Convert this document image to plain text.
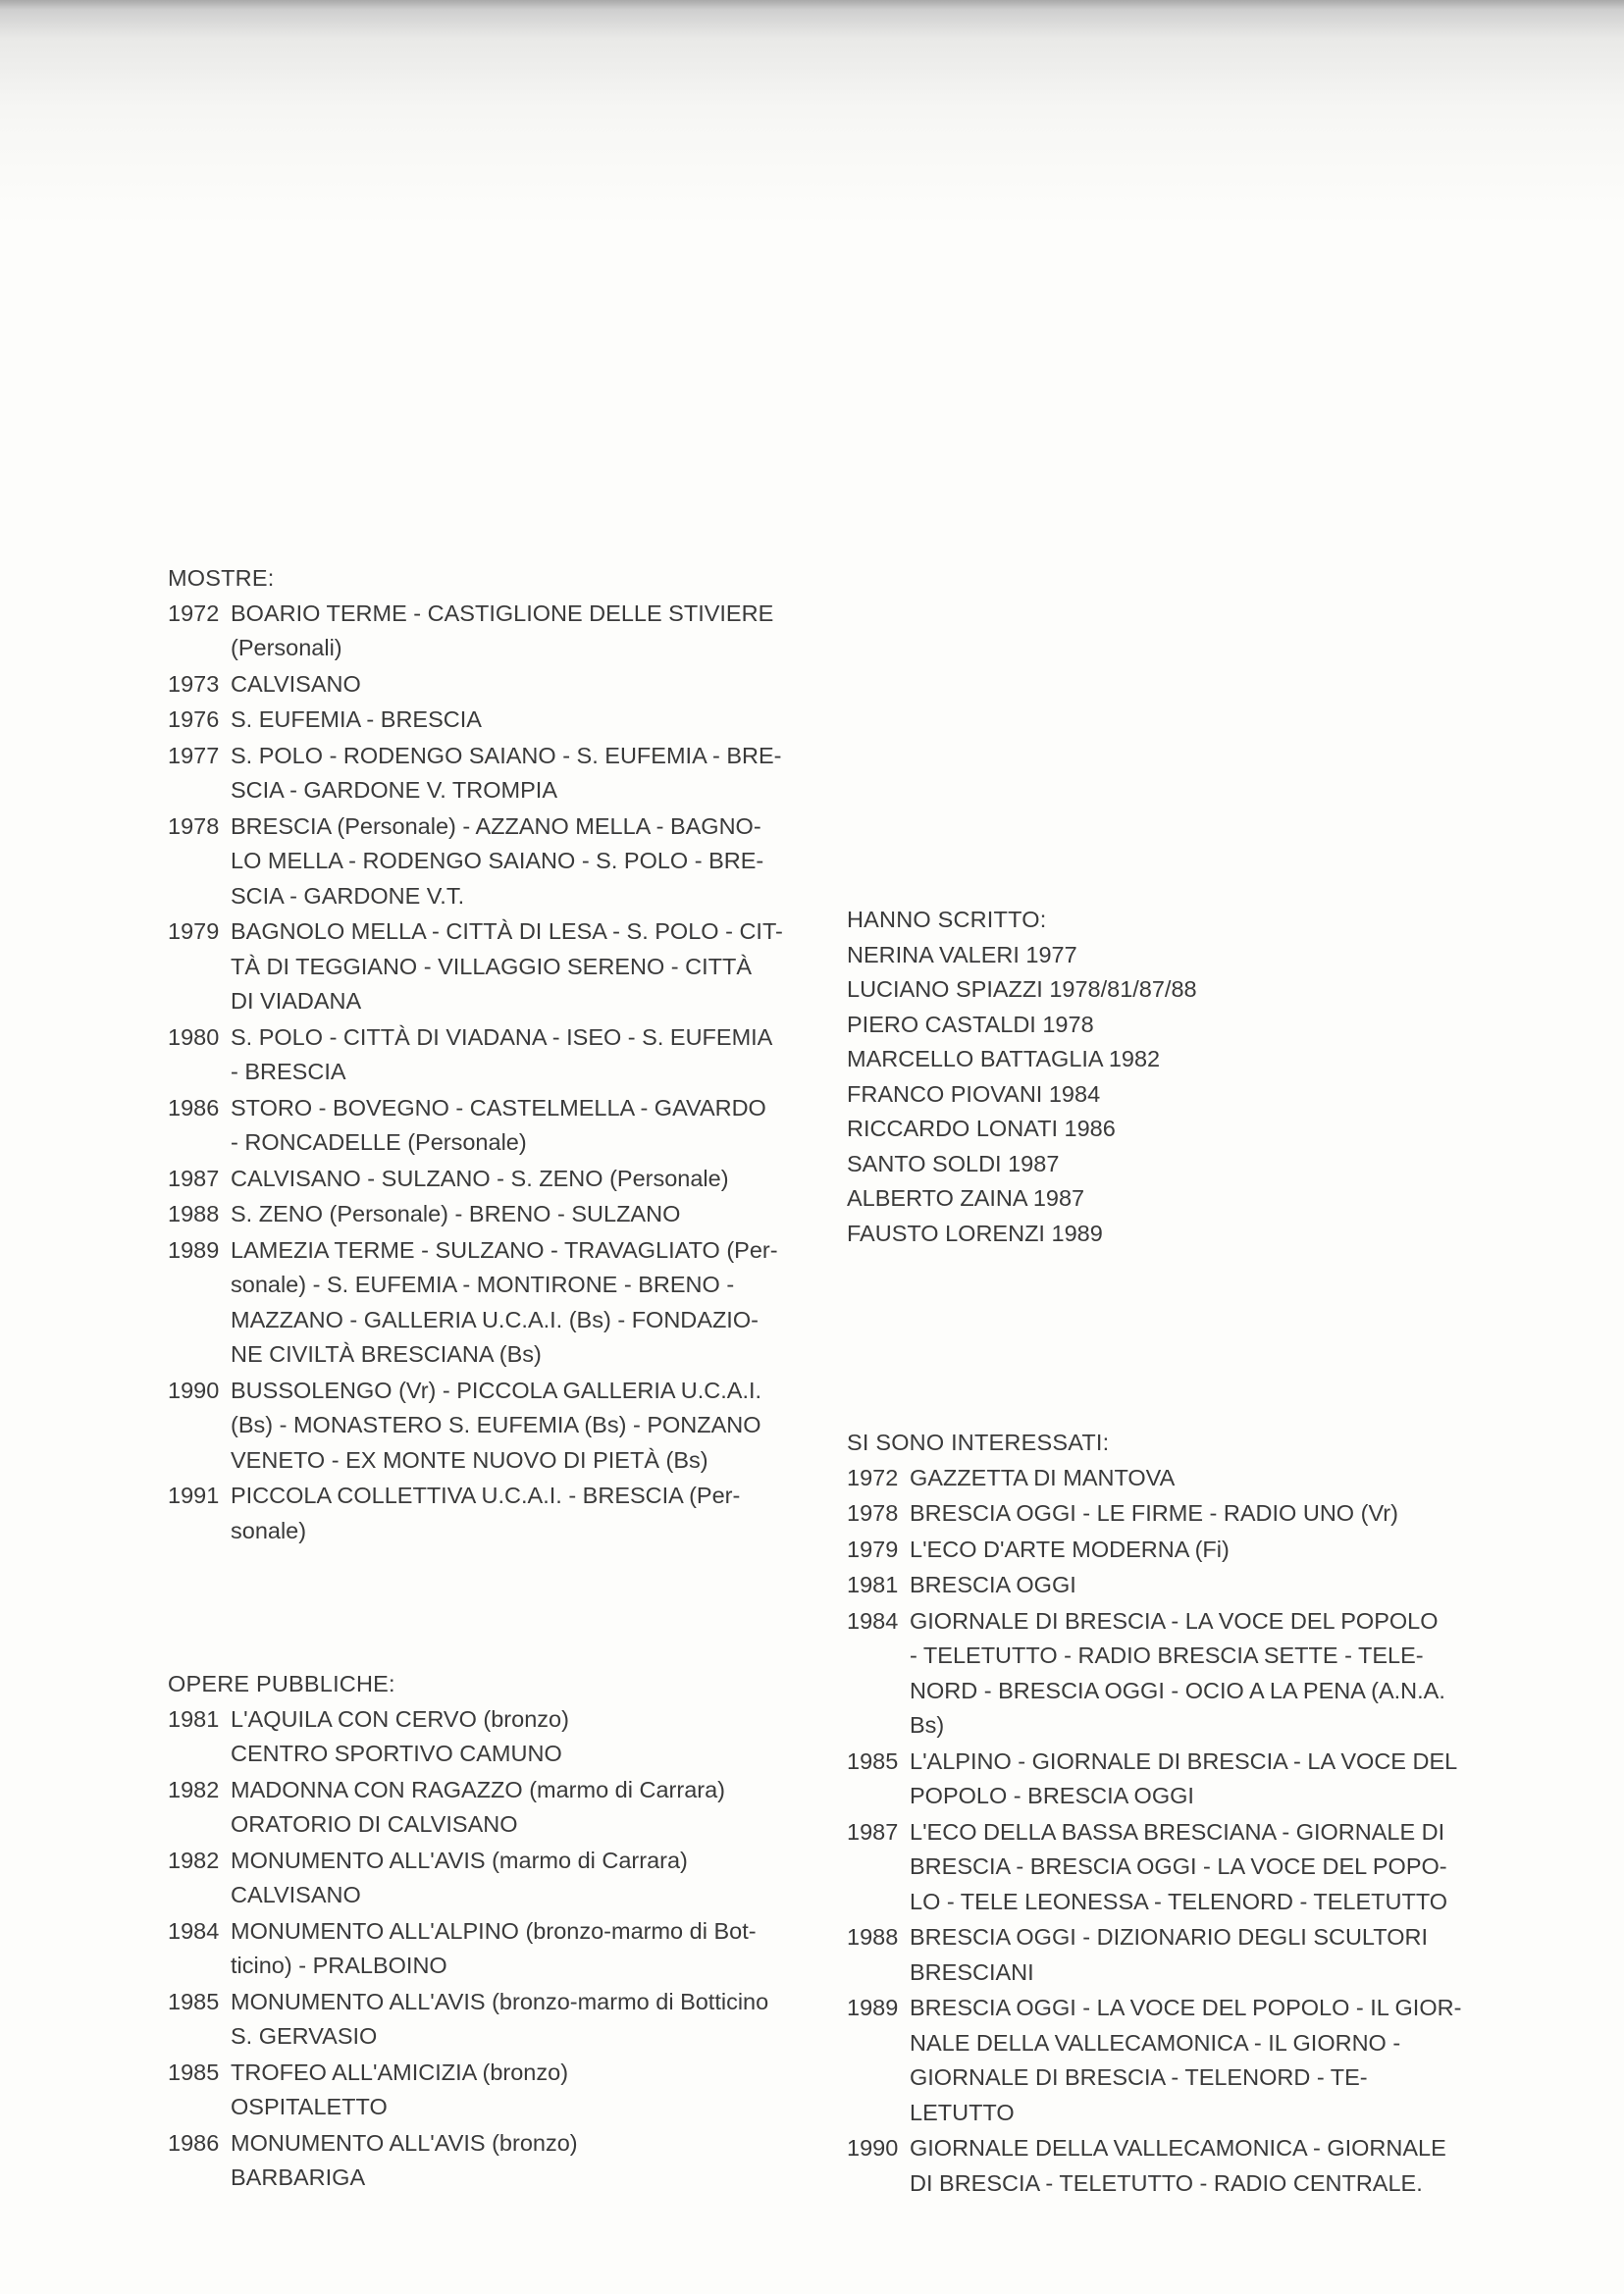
MOSTRE:
1972 BOARIO TERME - CASTIGLIONE DELLE STIVIERE
(Personali)
1973 CALVISANO
1976 S. EUFEMIA - BRESCIA
1977 S. POLO - RODENGO SAIANO - S. EUFEMIA - BRE-
SCIA - GARDONE V. TROMPIA
1978 BRESCIA (Personale) - AZZANO MELLA - BAGNO-
LO MELLA - RODENGO SAIANO - S. POLO - BRE-
SCIA - GARDONE V.T.
1979 BAGNOLO MELLA - CITTÀ DI LESA - S. POLO - CIT-
TÀ DI TEGGIANO - VILLAGGIO SERENO - CITTÀ
DI VIADANA
1980 S. POLO - CITTÀ DI VIADANA - ISEO - S. EUFEMIA
- BRESCIA
1986 STORO - BOVEGNO - CASTELMELLA - GAVARDO
- RONCADELLE (Personale)
1987 CALVISANO - SULZANO - S. ZENO (Personale)
1988 S. ZENO (Personale) - BRENO - SULZANO
1989 LAMEZIA TERME - SULZANO - TRAVAGLIATO (Per-
sonale) - S. EUFEMIA - MONTIRONE - BRENO -
MAZZANO - GALLERIA U.C.A.I. (Bs) - FONDAZIO-
NE CIVILTÀ BRESCIANA (Bs)
1990 BUSSOLENGO (Vr) - PICCOLA GALLERIA U.C.A.I.
(Bs) - MONASTERO S. EUFEMIA (Bs) - PONZANO
VENETO - EX MONTE NUOVO DI PIETÀ (Bs)
1991 PICCOLA COLLETTIVA U.C.A.I. - BRESCIA (Per-
sonale)
OPERE PUBBLICHE:
1981 L'AQUILA CON CERVO (bronzo)
CENTRO SPORTIVO CAMUNO
1982 MADONNA CON RAGAZZO (marmo di Carrara)
ORATORIO DI CALVISANO
1982 MONUMENTO ALL'AVIS (marmo di Carrara)
CALVISANO
1984 MONUMENTO ALL'ALPINO (bronzo-marmo di Bot-
ticino) - PRALBOINO
1985 MONUMENTO ALL'AVIS (bronzo-marmo di Botticino
S. GERVASIO
1985 TROFEO ALL'AMICIZIA (bronzo)
OSPITALETTO
1986 MONUMENTO ALL'AVIS (bronzo)
BARBARIGA
HANNO SCRITTO:
NERINA VALERI 1977
LUCIANO SPIAZZI 1978/81/87/88
PIERO CASTALDI 1978
MARCELLO BATTAGLIA 1982
FRANCO PIOVANI 1984
RICCARDO LONATI 1986
SANTO SOLDI 1987
ALBERTO ZAINA 1987
FAUSTO LORENZI 1989
SI SONO INTERESSATI:
1972 GAZZETTA DI MANTOVA
1978 BRESCIA OGGI - LE FIRME - RADIO UNO (Vr)
1979 L'ECO D'ARTE MODERNA (Fi)
1981 BRESCIA OGGI
1984 GIORNALE DI BRESCIA - LA VOCE DEL POPOLO
- TELETUTTO - RADIO BRESCIA SETTE - TELE-
NORD - BRESCIA OGGI - OCIO A LA PENA (A.N.A.
Bs)
1985 L'ALPINO - GIORNALE DI BRESCIA - LA VOCE DEL
POPOLO - BRESCIA OGGI
1987 L'ECO DELLA BASSA BRESCIANA - GIORNALE DI
BRESCIA - BRESCIA OGGI - LA VOCE DEL POPO-
LO - TELE LEONESSA - TELENORD - TELETUTTO
1988 BRESCIA OGGI - DIZIONARIO DEGLI SCULTORI
BRESCIANI
1989 BRESCIA OGGI - LA VOCE DEL POPOLO - IL GIOR-
NALE DELLA VALLECAMONICA - IL GIORNO -
GIORNALE DI BRESCIA - TELENORD - TE-
LETUTTO
1990 GIORNALE DELLA VALLECAMONICA - GIORNALE
DI BRESCIA - TELETUTTO - RADIO CENTRALE.
